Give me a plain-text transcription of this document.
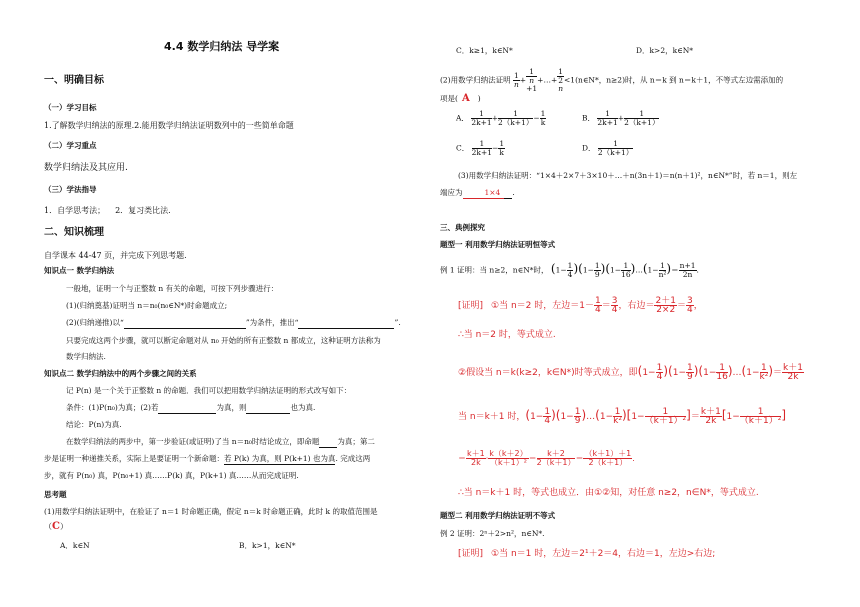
4.4 数学归纳法 导学案
一、明确目标
（一）学习目标
1.了解数学归纳法的原理.2.能用数学归纳法证明数列中的一些简单命题
（二）学习重点
数学归纳法及其应用.
（三）学法指导
1．自学思考法； 2．复习类比法.
二、知识梳理
自学课本 44-47 页，并完成下列思考题.
知识点一 数学归纳法
一般地，证明一个与正整数 n 有关的命题，可按下列步骤进行：
(1)(归纳奠基)证明当 n＝n₀(n₀∈N*)时命题成立;
(2)(归纳递推)以“	”为条件，推出“	”.
只要完成这两个步骤，就可以断定命题对从 n₀ 开始的所有正整数 n 都成立，这种证明方法称为
数学归纳法.
知识点二 数学归纳法中的两个步骤之间的关系
记 P(n) 是一个关于正整数 n 的命题．我们可以把用数学归纳法证明的形式改写如下：
条件：(1)P(n₀)为真；(2)若	为真，则	也为真.
结论：P(n)为真.
在数学归纳法的两步中，第一步验证(或证明)了当 n＝n₀时结论成立，即命题 为真；第二
步是证明一种递推关系，实际上是要证明一个新命题：若 P(k) 为真，则 P(k+1) 也为真. 完成这两
步，就有 P(n₀) 真，P(n₀+1) 真……P(k) 真，P(k+1) 真……从而完成证明.
思考题
(1)用数学归纳法证明中，在验证了 n＝1 时命题正确，假定 n＝k 时命题正确，此时 k 的取值范围是
（C）
A．k∈N	B．k>1，k∈N*
C．k≥1，k∈N*	D．k>2，k∈N*
(2)用数学归纳法证明 $\frac{1}{n} + 1$
n
+1 +…+ 1
2
n <1(n∈N*，n≥2)时，从 n＝k 到 n＝k＋1，不等式左边需添加的
项是( A )
A． $\frac{1}{2k+1} + \frac{1}{2(k+1)} - \frac{1}{k}$	B． $\frac{1}{2k+1} + \frac{1}{2(k+1)}$
C． $\frac{1}{2k+1} - \frac{1}{k}$	D． $\frac{1}{2(k+1)}$
(3)用数学归纳法证明：“1×4＋2×7＋3×10＋…＋n(3n＋1)＝n(n＋1)²，n∈N*”时，若 n＝1，则左
端应为	1×4 .
三、典例探究
题型一 利用数学归纳法证明恒等式
例 1 证明：当 n≥2，n∈N*时， $(1- \frac{1}{4} )(1- \frac{1}{9} )(1- \frac{1}{16}$ )…(1− $\frac{1}{\text{n²}}$ )＝ $\frac{n+1}{2n}$ .
[证明] ①当 n＝2 时，左边$=1- \frac{1}{4} = \frac{3}{4}$ ，右边＝ $\frac{2+1}{2\times 2} = \frac{3}{4}$ ，
∴当 n＝2 时，等式成立.
②假设当 n＝k(k≥2，k∈N*)时等式成立，即$(1- \frac{1}{4} )(1- \frac{1}{9} )(1- \frac{1}{16}$ )…(1− $\frac{1}{\text{k²}}$ )＝ $\frac{k+1}{2k}$
当 n＝k＋1 时，$(1- \frac{1}{4} )(1- \frac{1}{9}$ )…(1− $\frac{1}{\text{k²}} )[1- \frac{1}{\text{（k＋1）²}}$ ]＝ $\frac{k+1}{2k} [1- \frac{1}{\text{（k＋1）²}}$ ]
＝ $\frac{k+1}{2k} \cdot \frac{k(k+2)}{\text{（k＋1）²}} = \frac{k+2}{2(k+1)} = \frac{(k+1)+1}{2(k+1)}$ .
∴当 n＝k＋1 时，等式也成立．由①②知，对任意 n≥2，n∈N*，等式成立.
题型二 利用数学归纳法证明不等式
例 2 证明：2ⁿ＋2>n²，n∈N*.
[证明] ①当 n＝1 时，左边＝2¹＋2＝4，右边＝1，左边>右边;
